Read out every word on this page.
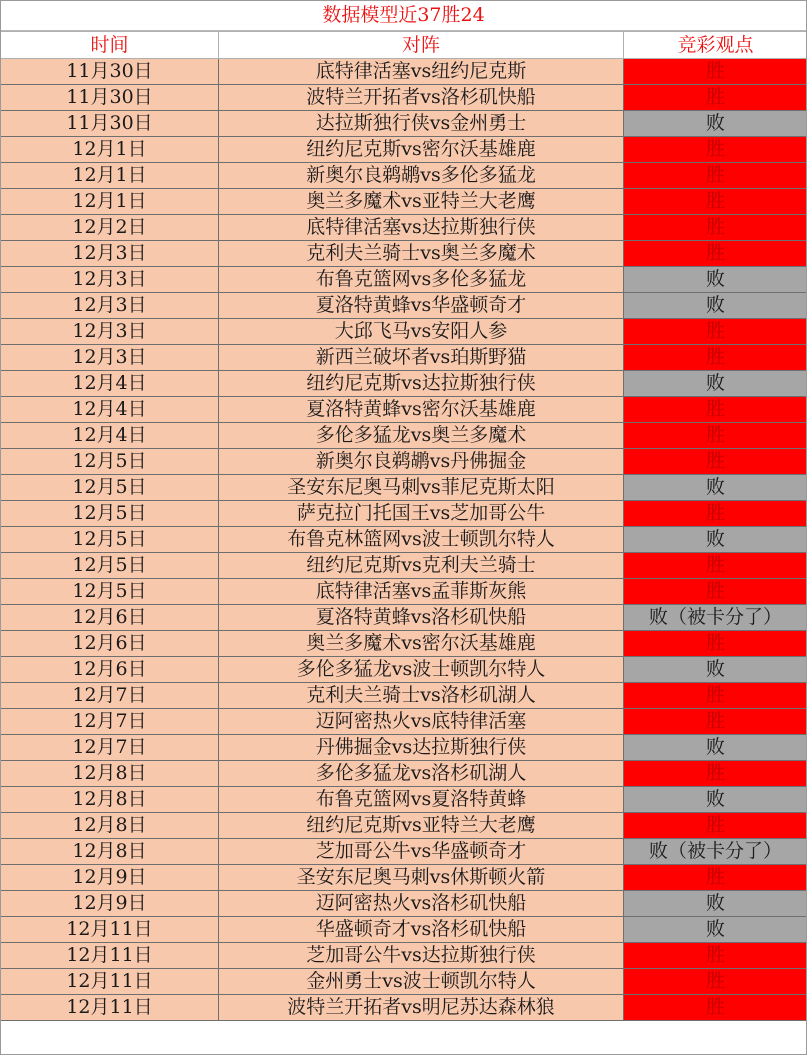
数据模型近37胜24
时间	对阵	竞彩观点
11月30日	底特律活塞vs纽约尼克斯	胜
11月30日	波特兰开拓者vs洛杉矶快船	胜
11月30日	达拉斯独行侠vs金州勇士	败
12月1日	纽约尼克斯vs密尔沃基雄鹿	胜
12月1日	新奥尔良鹈鹕vs多伦多猛龙	胜
12月1日	奥兰多魔术vs亚特兰大老鹰	胜
12月2日	底特律活塞vs达拉斯独行侠	胜
12月3日	克利夫兰骑士vs奥兰多魔术	胜
12月3日	布鲁克篮网vs多伦多猛龙	败
12月3日	夏洛特黄蜂vs华盛顿奇才	败
12月3日	大邱飞马vs安阳人参	胜
12月3日	新西兰破坏者vs珀斯野猫	胜
12月4日	纽约尼克斯vs达拉斯独行侠	败
12月4日	夏洛特黄蜂vs密尔沃基雄鹿	胜
12月4日	多伦多猛龙vs奥兰多魔术	胜
12月5日	新奥尔良鹈鹕vs丹佛掘金	胜
12月5日	圣安东尼奥马刺vs菲尼克斯太阳	败
12月5日	萨克拉门托国王vs芝加哥公牛	胜
12月5日	布鲁克林篮网vs波士顿凯尔特人	败
12月5日	纽约尼克斯vs克利夫兰骑士	胜
12月5日	底特律活塞vs孟菲斯灰熊	胜
12月6日	夏洛特黄蜂vs洛杉矶快船	败（被卡分了）
12月6日	奥兰多魔术vs密尔沃基雄鹿	胜
12月6日	多伦多猛龙vs波士顿凯尔特人	败
12月7日	克利夫兰骑士vs洛杉矶湖人	胜
12月7日	迈阿密热火vs底特律活塞	胜
12月7日	丹佛掘金vs达拉斯独行侠	败
12月8日	多伦多猛龙vs洛杉矶湖人	胜
12月8日	布鲁克篮网vs夏洛特黄蜂	败
12月8日	纽约尼克斯vs亚特兰大老鹰	胜
12月8日	芝加哥公牛vs华盛顿奇才	败（被卡分了）
12月9日	圣安东尼奥马刺vs休斯顿火箭	胜
12月9日	迈阿密热火vs洛杉矶快船	败
12月11日	华盛顿奇才vs洛杉矶快船	败
12月11日	芝加哥公牛vs达拉斯独行侠	胜
12月11日	金州勇士vs波士顿凯尔特人	胜
12月11日	波特兰开拓者vs明尼苏达森林狼	胜
